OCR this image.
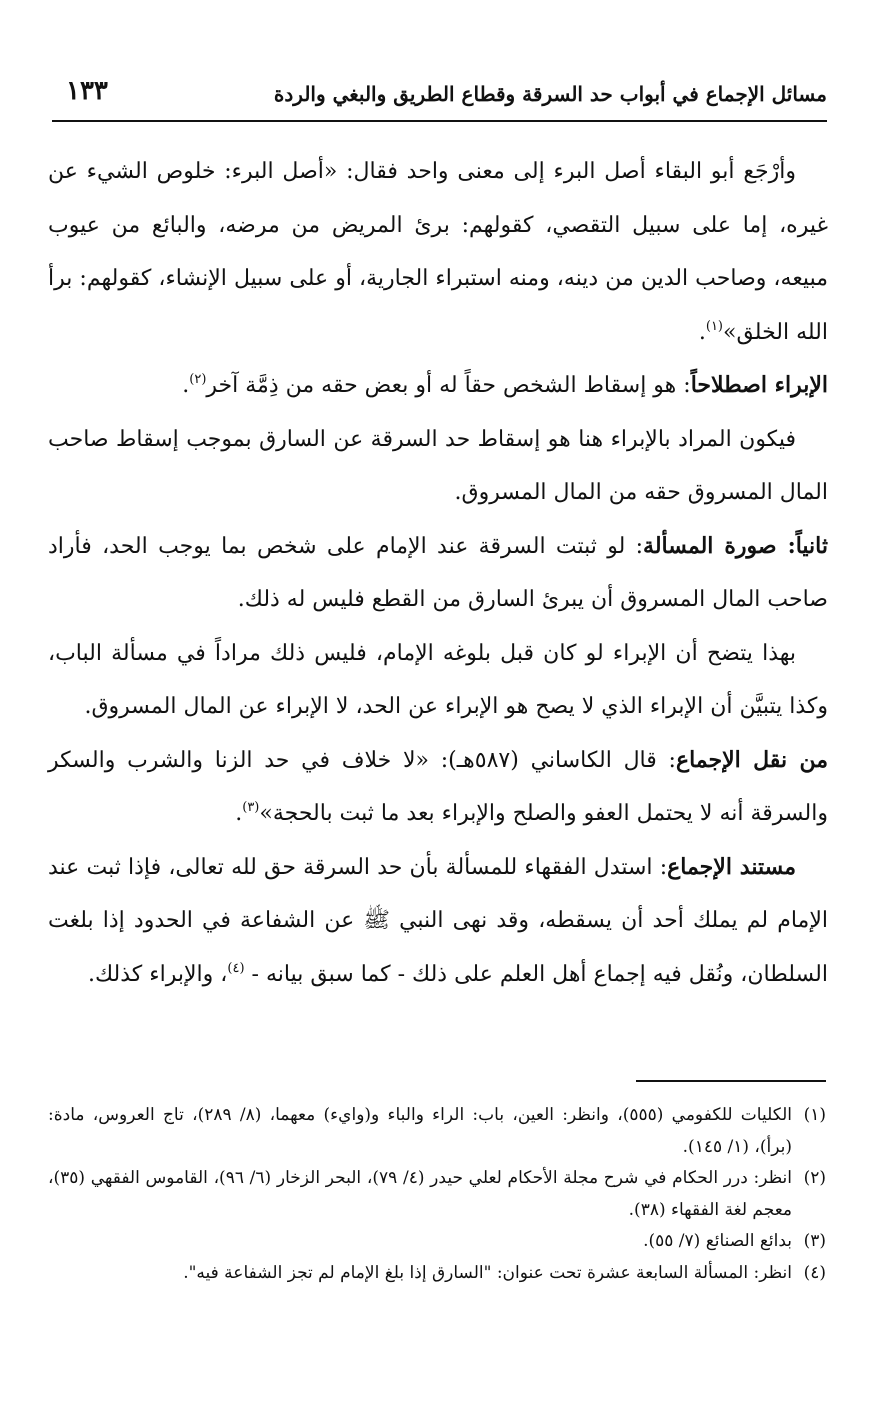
مسائل الإجماع في أبواب حد السرقة وقطاع الطريق والبغي والردة
١٣٣

وأرْجَع أبو البقاء أصل البرء إلى معنى واحد فقال: «أصل البرء: خلوص الشيء عن غيره، إما على سبيل التقصي، كقولهم: برئ المريض من مرضه، والبائع من عيوب مبيعه، وصاحب الدين من دينه، ومنه استبراء الجارية، أو على سبيل الإنشاء، كقولهم: برأ الله الخلق»$^{(١)}$.

الإبراء اصطلاحاً: هو إسقاط الشخص حقاً له أو بعض حقه من ذِمَّة آخر$^{(٢)}$.

فيكون المراد بالإبراء هنا هو إسقاط حد السرقة عن السارق بموجب إسقاط صاحب المال المسروق حقه من المال المسروق.

ثانياً: صورة المسألة: لو ثبتت السرقة عند الإمام على شخص بما يوجب الحد، فأراد صاحب المال المسروق أن يبرئ السارق من القطع فليس له ذلك.

بهذا يتضح أن الإبراء لو كان قبل بلوغه الإمام، فليس ذلك مراداً في مسألة الباب، وكذا يتبيَّن أن الإبراء الذي لا يصح هو الإبراء عن الحد، لا الإبراء عن المال المسروق.

من نقل الإجماع: قال الكاساني (٥٨٧هـ): «لا خلاف في حد الزنا والشرب والسكر والسرقة أنه لا يحتمل العفو والصلح والإبراء بعد ما ثبت بالحجة»$^{(٣)}$.

مستند الإجماع: استدل الفقهاء للمسألة بأن حد السرقة حق لله تعالى، فإذا ثبت عند الإمام لم يملك أحد أن يسقطه، وقد نهى النبي ﷺ عن الشفاعة في الحدود إذا بلغت السلطان، ونُقل فيه إجماع أهل العلم على ذلك - كما سبق بيانه - $^{(٤)}$، والإبراء كذلك.

(١)
الكليات للكفومي (٥٥٥)، وانظر: العين، باب: الراء والباء و(واي‌ء) معهما، (٨/ ٢٨٩)، تاج العروس، مادة: (برأ)، (١/ ١٤٥).
(٢)
انظر: درر الحكام في شرح مجلة الأحكام لعلي حيدر (٤/ ٧٩)، البحر الزخار (٦/ ٩٦)، القاموس الفقهي (٣٥)، معجم لغة الفقهاء (٣٨).
(٣)
بدائع الصنائع (٧/ ٥٥).
(٤)
انظر: المسألة السابعة عشرة تحت عنوان: "السارق إذا بلغ الإمام لم تجز الشفاعة فيه".
